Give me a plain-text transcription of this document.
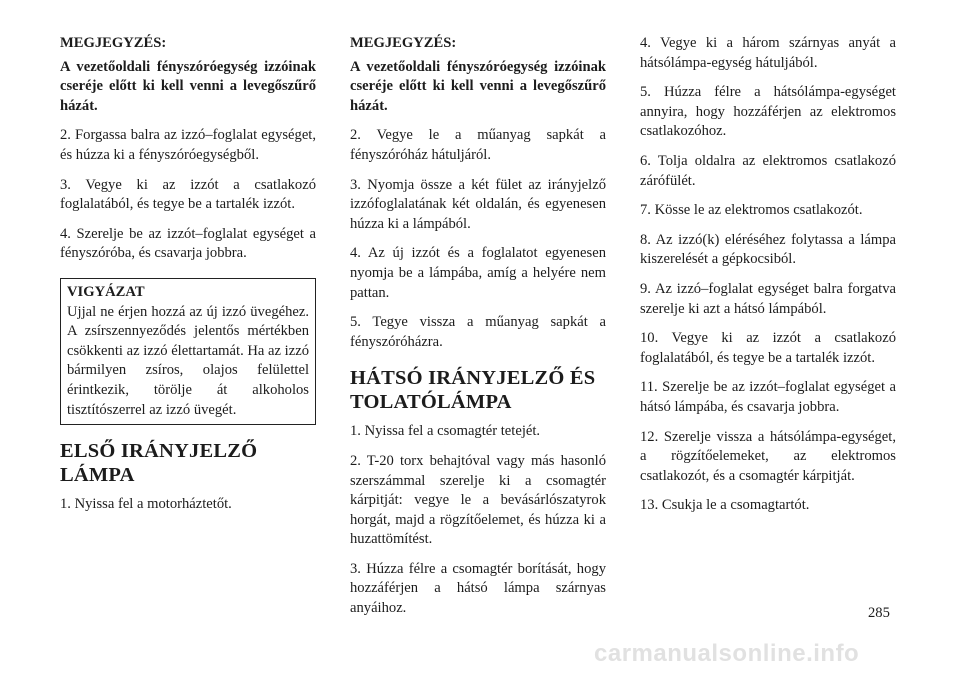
MEGJEGYZÉS:

A vezetőoldali fényszóróegység izzóinak cseréje előtt ki kell venni a levegőszűrő házát.

2. Forgassa balra az izzó–foglalat egységet, és húzza ki a fényszóróegységből.

3. Vegye ki az izzót a csatlakozó foglalatából, és tegye be a tartalék izzót.

4. Szerelje be az izzót–foglalat egységet a fényszóróba, és csavarja jobbra.

VIGYÁZAT

Ujjal ne érjen hozzá az új izzó üvegéhez. A zsírszennyeződés jelentős mértékben csökkenti az izzó élettartamát. Ha az izzó bármilyen zsíros, olajos felülettel érintkezik, törölje át alkoholos tisztítószerrel az izzó üvegét.

ELSŐ IRÁNYJELZŐ LÁMPA

1. Nyissa fel a motorháztetőt.

MEGJEGYZÉS:

A vezetőoldali fényszóróegység izzóinak cseréje előtt ki kell venni a levegőszűrő házát.

2. Vegye le a műanyag sapkát a fényszóróház hátuljáról.

3. Nyomja össze a két fület az irányjelző izzófoglalatának két oldalán, és egyenesen húzza ki a lámpából.

4. Az új izzót és a foglalatot egyenesen nyomja be a lámpába, amíg a helyére nem pattan.

5. Tegye vissza a műanyag sapkát a fényszóróházra.

HÁTSÓ IRÁNYJELZŐ ÉS TOLATÓLÁMPA

1. Nyissa fel a csomagtér tetejét.

2. T-20 torx behajtóval vagy más hasonló szerszámmal szerelje ki a csomagtér kárpitját: vegye le a bevásárlószatyrok horgát, majd a rögzítőelemet, és húzza ki a huzattömítést.

3. Húzza félre a csomagtér borítását, hogy hozzáférjen a hátsó lámpa szárnyas anyáihoz.

4. Vegye ki a három szárnyas anyát a hátsólámpa-egység hátuljából.

5. Húzza félre a hátsólámpa-egységet annyira, hogy hozzáférjen az elektromos csatlakozóhoz.

6. Tolja oldalra az elektromos csatlakozó zárófülét.

7. Kösse le az elektromos csatlakozót.

8. Az izzó(k) eléréséhez folytassa a lámpa kiszerelését a gépkocsiból.

9. Az izzó–foglalat egységet balra forgatva szerelje ki azt a hátsó lámpából.

10. Vegye ki az izzót a csatlakozó foglalatából, és tegye be a tartalék izzót.

11. Szerelje be az izzót–foglalat egységet a hátsó lámpába, és csavarja jobbra.

12. Szerelje vissza a hátsólámpa-egységet, a rögzítőelemeket, az elektromos csatlakozót, és a csomagtér kárpitját.

13. Csukja le a csomagtartót.

285
carmanualsonline.info
